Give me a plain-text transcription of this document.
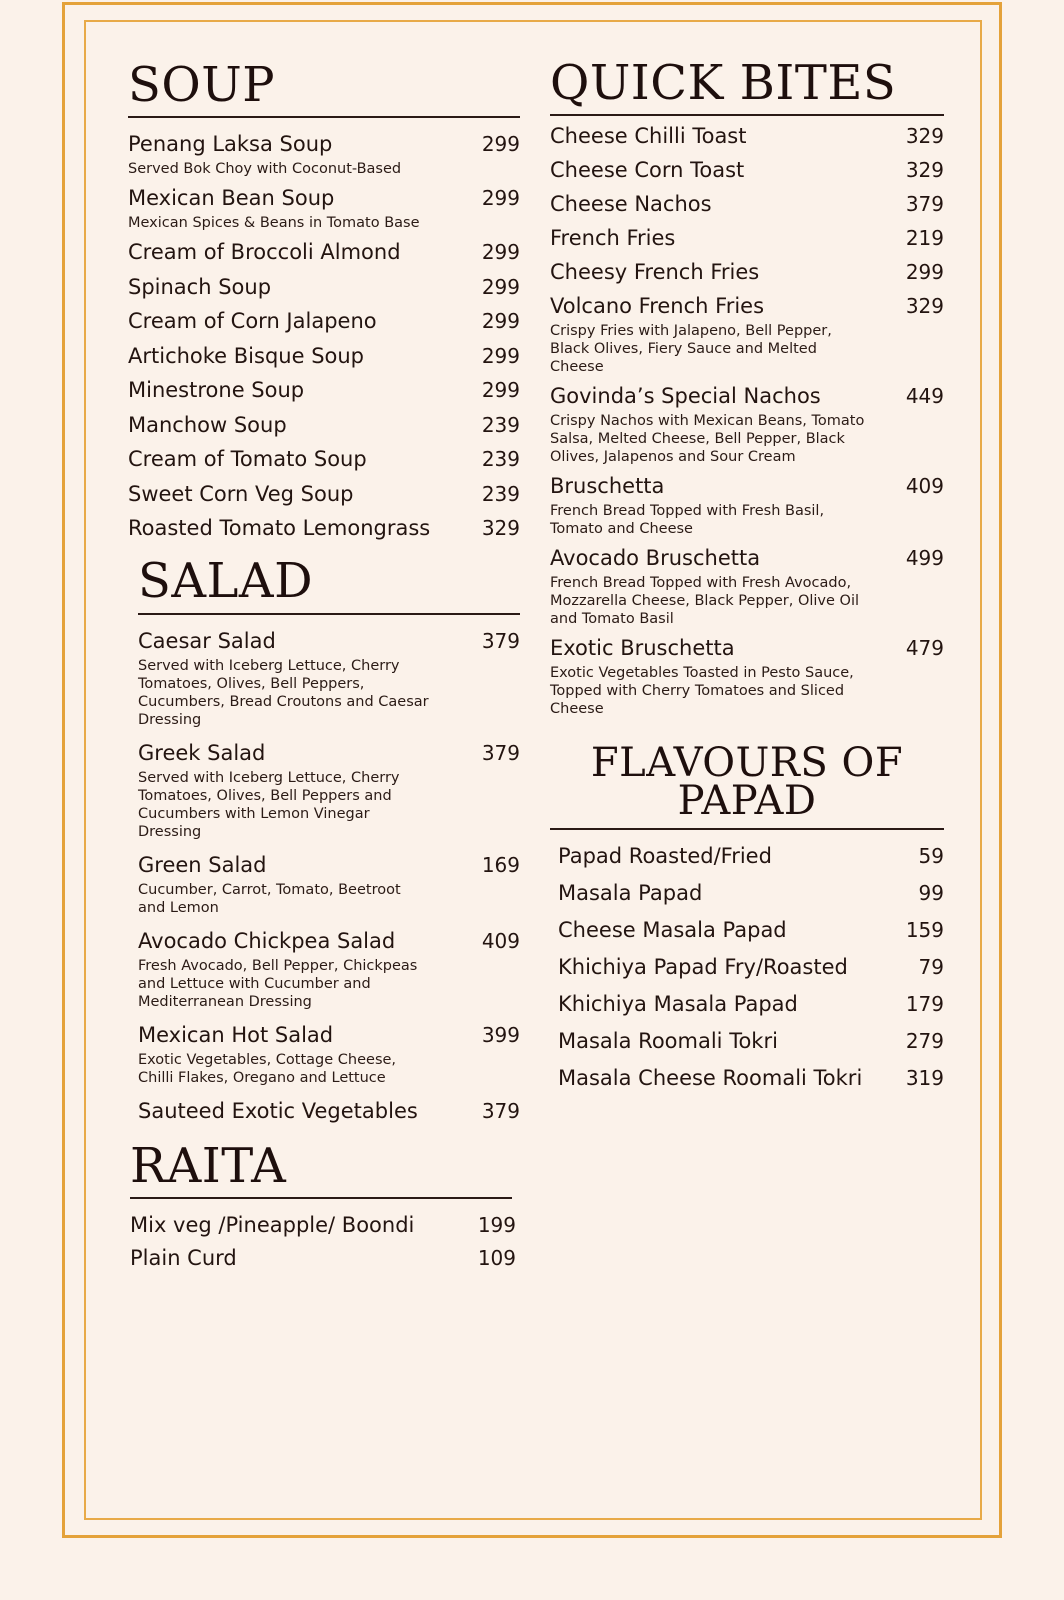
SOUP
Penang Laksa Soup	299
Served Bok Choy with Coconut-Based
Mexican Bean Soup	299
Mexican Spices & Beans in Tomato Base
Cream of Broccoli Almond	299
Spinach Soup	299
Cream of Corn Jalapeno	299
Artichoke Bisque Soup	299
Minestrone Soup	299
Manchow Soup	239
Cream of Tomato Soup	239
Sweet Corn Veg Soup	239
Roasted Tomato Lemongrass	329
SALAD
Caesar Salad	379
Served with Iceberg Lettuce, Cherry Tomatoes, Olives, Bell Peppers, Cucumbers, Bread Croutons and Caesar Dressing
Greek Salad	379
Served with Iceberg Lettuce, Cherry Tomatoes, Olives, Bell Peppers and Cucumbers with Lemon Vinegar Dressing
Green Salad	169
Cucumber, Carrot, Tomato, Beetroot and Lemon
Avocado Chickpea Salad	409
Fresh Avocado, Bell Pepper, Chickpeas and Lettuce with Cucumber and Mediterranean Dressing
Mexican Hot Salad	399
Exotic Vegetables, Cottage Cheese, Chilli Flakes, Oregano and Lettuce
Sauteed Exotic Vegetables	379
RAITA
Mix veg /Pineapple/ Boondi	199
Plain Curd	109
QUICK BITES
Cheese Chilli Toast	329
Cheese Corn Toast	329
Cheese Nachos	379
French Fries	219
Cheesy French Fries	299
Volcano French Fries	329
Crispy Fries with Jalapeno, Bell Pepper, Black Olives, Fiery Sauce and Melted Cheese
Govinda’s Special Nachos	449
Crispy Nachos with Mexican Beans, Tomato Salsa, Melted Cheese, Bell Pepper, Black Olives, Jalapenos and Sour Cream
Bruschetta	409
French Bread Topped with Fresh Basil, Tomato and Cheese
Avocado Bruschetta	499
French Bread Topped with Fresh Avocado, Mozzarella Cheese, Black Pepper, Olive Oil and Tomato Basil
Exotic Bruschetta	479
Exotic Vegetables Toasted in Pesto Sauce, Topped with Cherry Tomatoes and Sliced Cheese
FLAVOURS OF
PAPAD
Papad Roasted/Fried	59
Masala Papad	99
Cheese Masala Papad	159
Khichiya Papad Fry/Roasted	79
Khichiya Masala Papad	179
Masala Roomali Tokri	279
Masala Cheese Roomali Tokri	319
